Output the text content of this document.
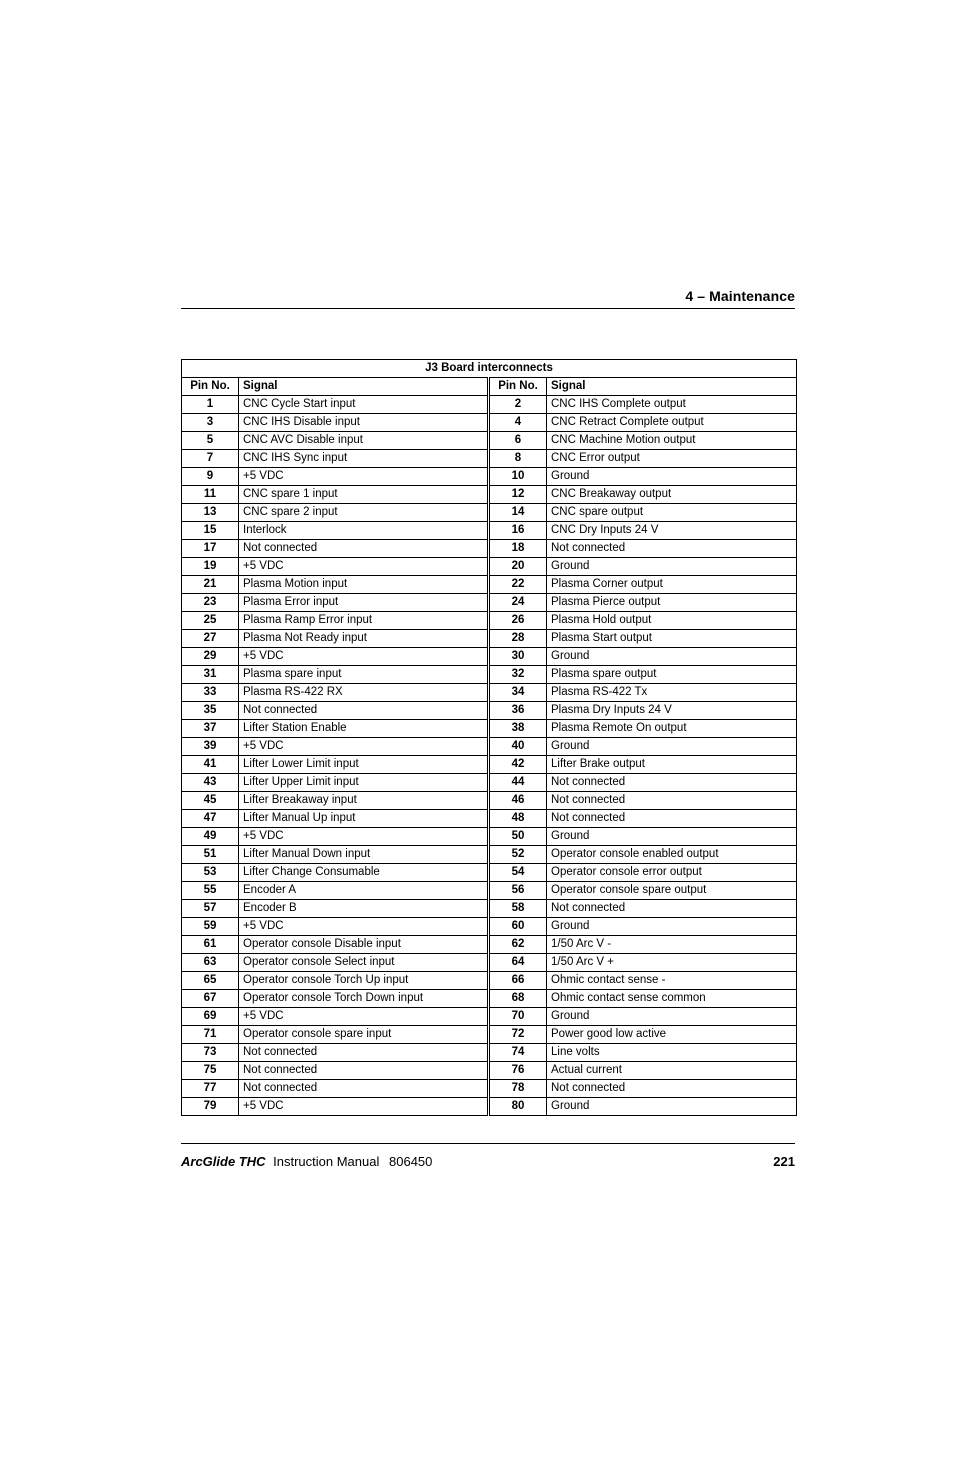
4 – Maintenance
J3 Board interconnects			
Pin No.	Signal	Pin No.	Signal
1	CNC Cycle Start input	2	CNC IHS Complete output
3	CNC IHS Disable input	4	CNC Retract Complete output
5	CNC AVC Disable input	6	CNC Machine Motion output
7	CNC IHS Sync input	8	CNC Error output
9	+5 VDC	10	Ground
11	CNC spare 1 input	12	CNC Breakaway output
13	CNC spare 2 input	14	CNC spare output
15	Interlock	16	CNC Dry Inputs 24 V
17	Not connected	18	Not connected
19	+5 VDC	20	Ground
21	Plasma Motion input	22	Plasma Corner output
23	Plasma Error input	24	Plasma Pierce output
25	Plasma Ramp Error input	26	Plasma Hold output
27	Plasma Not Ready input	28	Plasma Start output
29	+5 VDC	30	Ground
31	Plasma spare input	32	Plasma spare output
33	Plasma RS-422 RX	34	Plasma RS-422 Tx
35	Not connected	36	Plasma Dry Inputs 24 V
37	Lifter Station Enable	38	Plasma Remote On output
39	+5 VDC	40	Ground
41	Lifter Lower Limit input	42	Lifter Brake output
43	Lifter Upper Limit input	44	Not connected
45	Lifter Breakaway input	46	Not connected
47	Lifter Manual Up input	48	Not connected
49	+5 VDC	50	Ground
51	Lifter Manual Down input	52	Operator console enabled output
53	Lifter Change Consumable	54	Operator console error output
55	Encoder A	56	Operator console spare output
57	Encoder B	58	Not connected
59	+5 VDC	60	Ground
61	Operator console Disable input	62	1/50 Arc V -
63	Operator console Select input	64	1/50 Arc V +
65	Operator console Torch Up input	66	Ohmic contact sense -
67	Operator console Torch Down input	68	Ohmic contact sense common
69	+5 VDC	70	Ground
71	Operator console spare input	72	Power good low active
73	Not connected	74	Line volts
75	Not connected	76	Actual current
77	Not connected	78	Not connected
79	+5 VDC	80	Ground
ArcGlide THC Instruction Manual 806450	221
